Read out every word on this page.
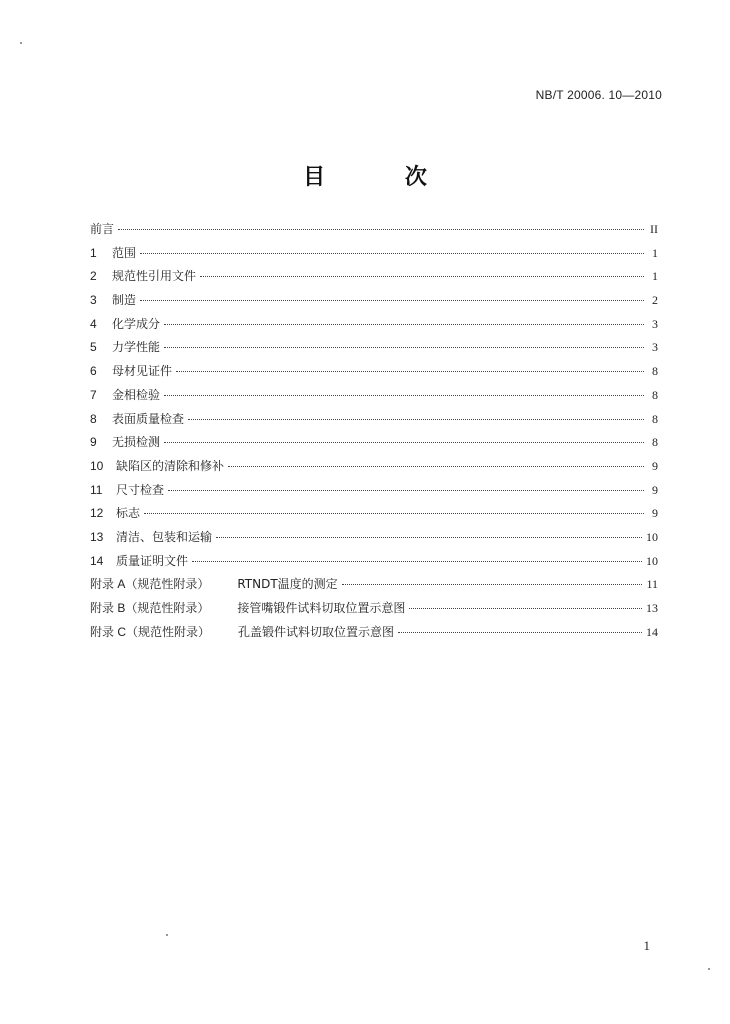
NB/T 20006. 10—2010
目 次
前言	II
1	范围	1
2	规范性引用文件	1
3	制造	2
4	化学成分	3
5	力学性能	3
6	母材见证件	8
7	金相检验	8
8	表面质量检查	8
9	无损检测	8
10	缺陷区的清除和修补	9
11	尺寸检查	9
12	标志	9
13	清洁、包装和运输	10
14	质量证明文件	10
附录 A（规范性附录）	RTNDT温度的测定	11
附录 B（规范性附录）	接管嘴锻件试料切取位置示意图	13
附录 C（规范性附录）	孔盖锻件试料切取位置示意图	14
1
